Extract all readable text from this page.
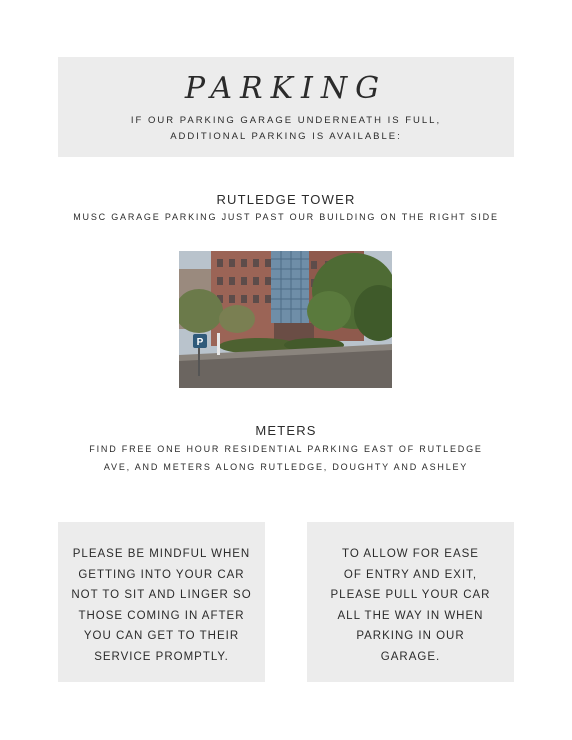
PARKING
IF OUR PARKING GARAGE UNDERNEATH IS FULL,
ADDITIONAL PARKING IS AVAILABLE:
RUTLEDGE TOWER
MUSC GARAGE PARKING JUST PAST OUR BUILDING ON THE RIGHT SIDE
P
METERS
FIND FREE ONE HOUR RESIDENTIAL PARKING EAST OF RUTLEDGE
AVE, AND METERS ALONG RUTLEDGE, DOUGHTY AND ASHLEY
PLEASE BE MINDFUL WHEN
GETTING INTO YOUR CAR
NOT TO SIT AND LINGER SO
THOSE COMING IN AFTER
YOU CAN GET TO THEIR
SERVICE PROMPTLY.
TO ALLOW FOR EASE
OF ENTRY AND EXIT,
PLEASE PULL YOUR CAR
ALL THE WAY IN WHEN
PARKING IN OUR
GARAGE.
